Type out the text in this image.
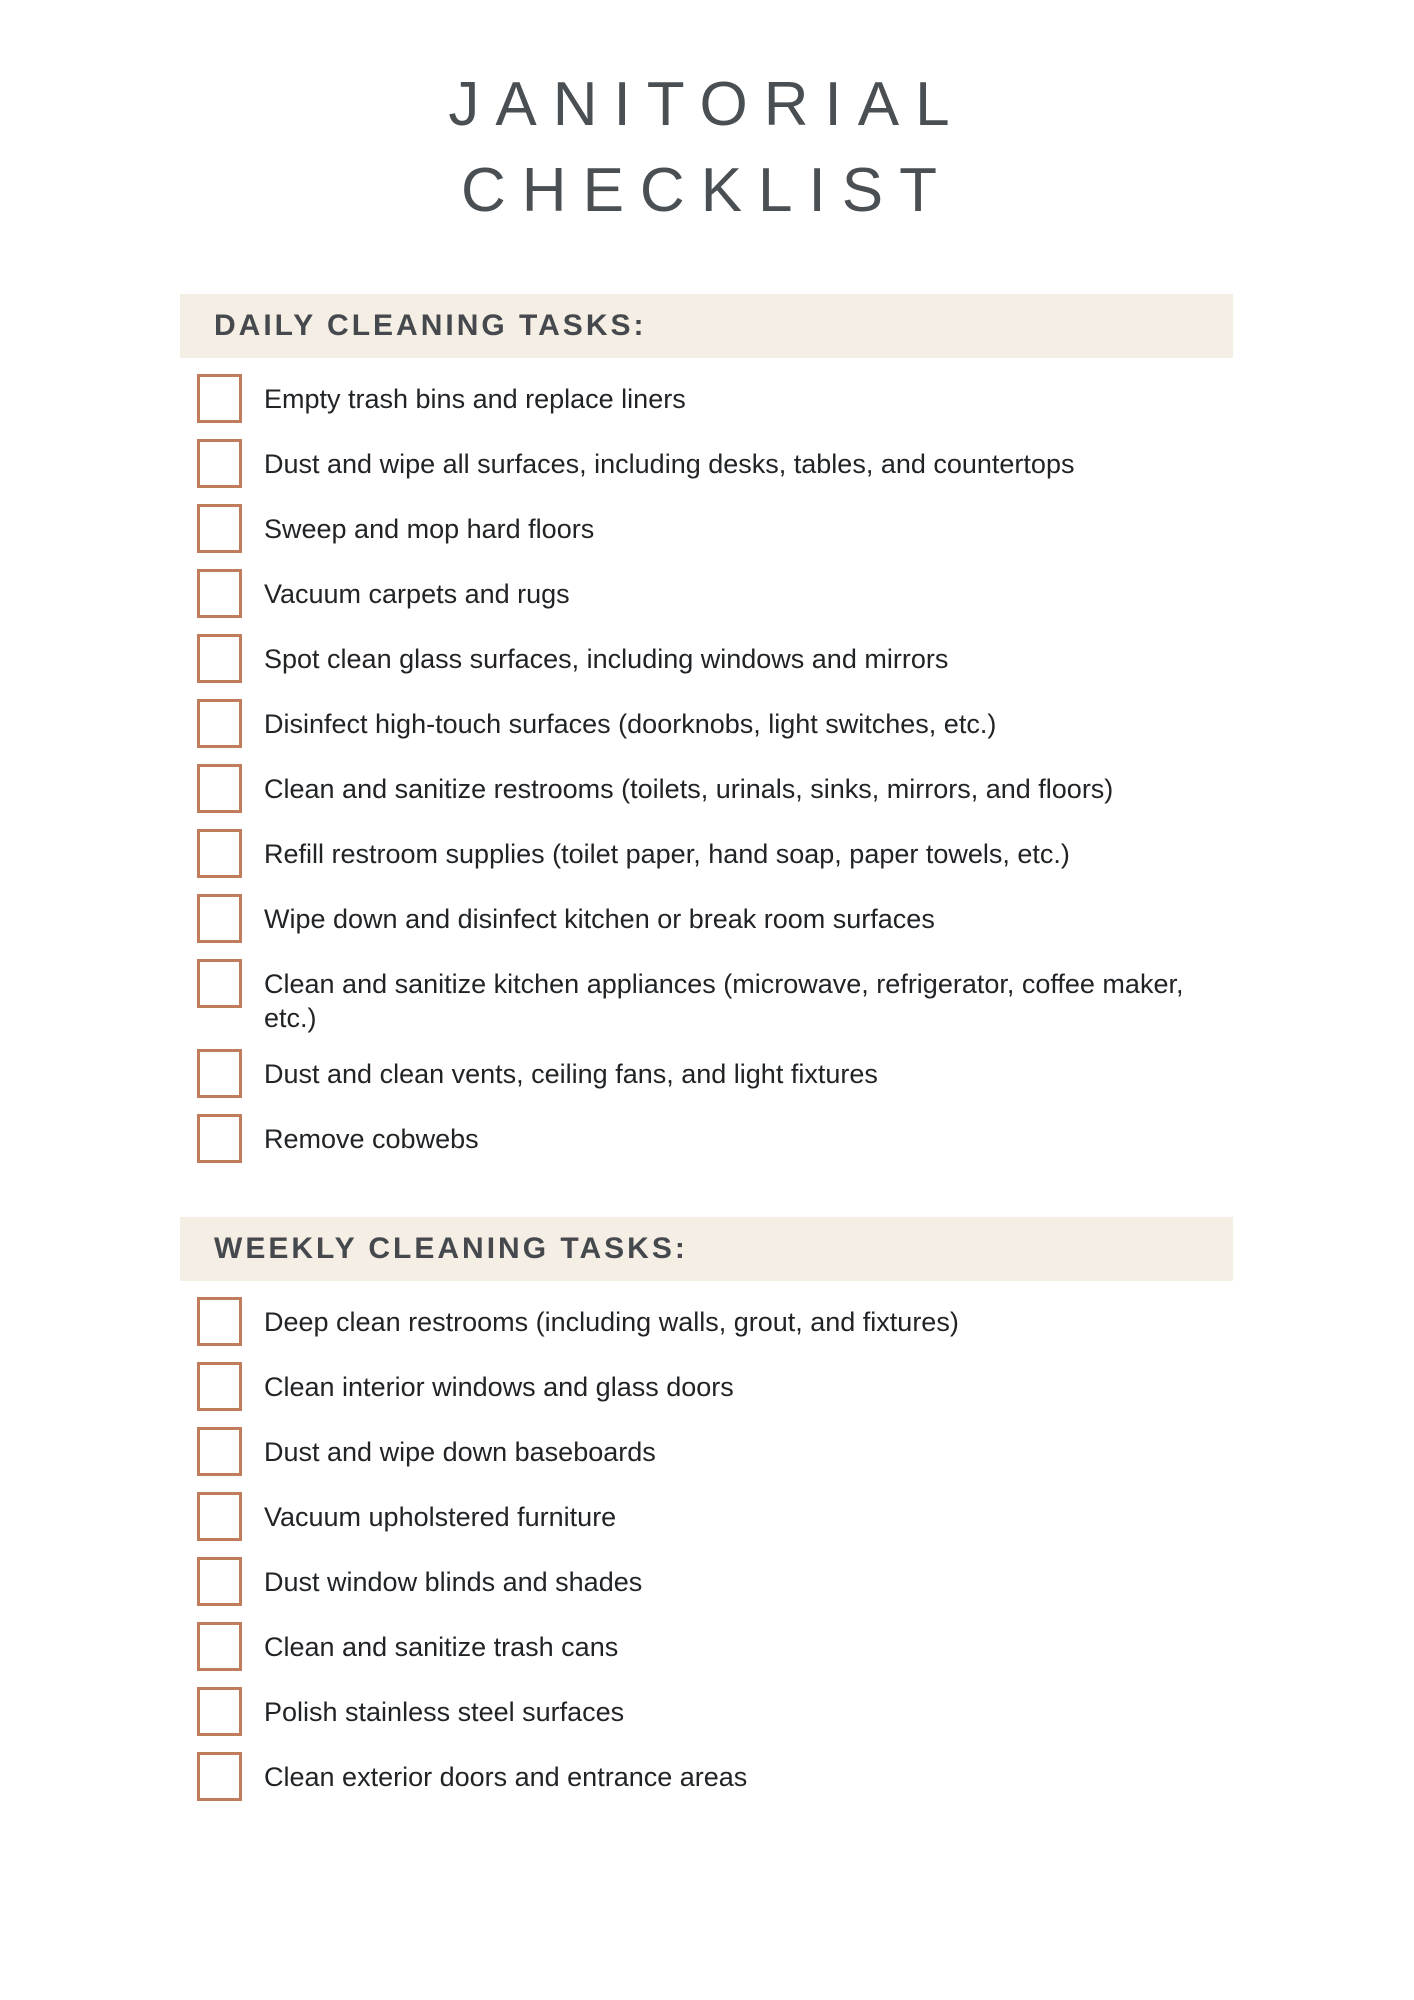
JANITORIAL
CHECKLIST
DAILY CLEANING TASKS:
Empty trash bins and replace liners
Dust and wipe all surfaces, including desks, tables, and countertops
Sweep and mop hard floors
Vacuum carpets and rugs
Spot clean glass surfaces, including windows and mirrors
Disinfect high-touch surfaces (doorknobs, light switches, etc.)
Clean and sanitize restrooms (toilets, urinals, sinks, mirrors, and floors)
Refill restroom supplies (toilet paper, hand soap, paper towels, etc.)
Wipe down and disinfect kitchen or break room surfaces
Clean and sanitize kitchen appliances (microwave, refrigerator, coffee maker, etc.)
Dust and clean vents, ceiling fans, and light fixtures
Remove cobwebs
WEEKLY CLEANING TASKS:
Deep clean restrooms (including walls, grout, and fixtures)
Clean interior windows and glass doors
Dust and wipe down baseboards
Vacuum upholstered furniture
Dust window blinds and shades
Clean and sanitize trash cans
Polish stainless steel surfaces
Clean exterior doors and entrance areas
